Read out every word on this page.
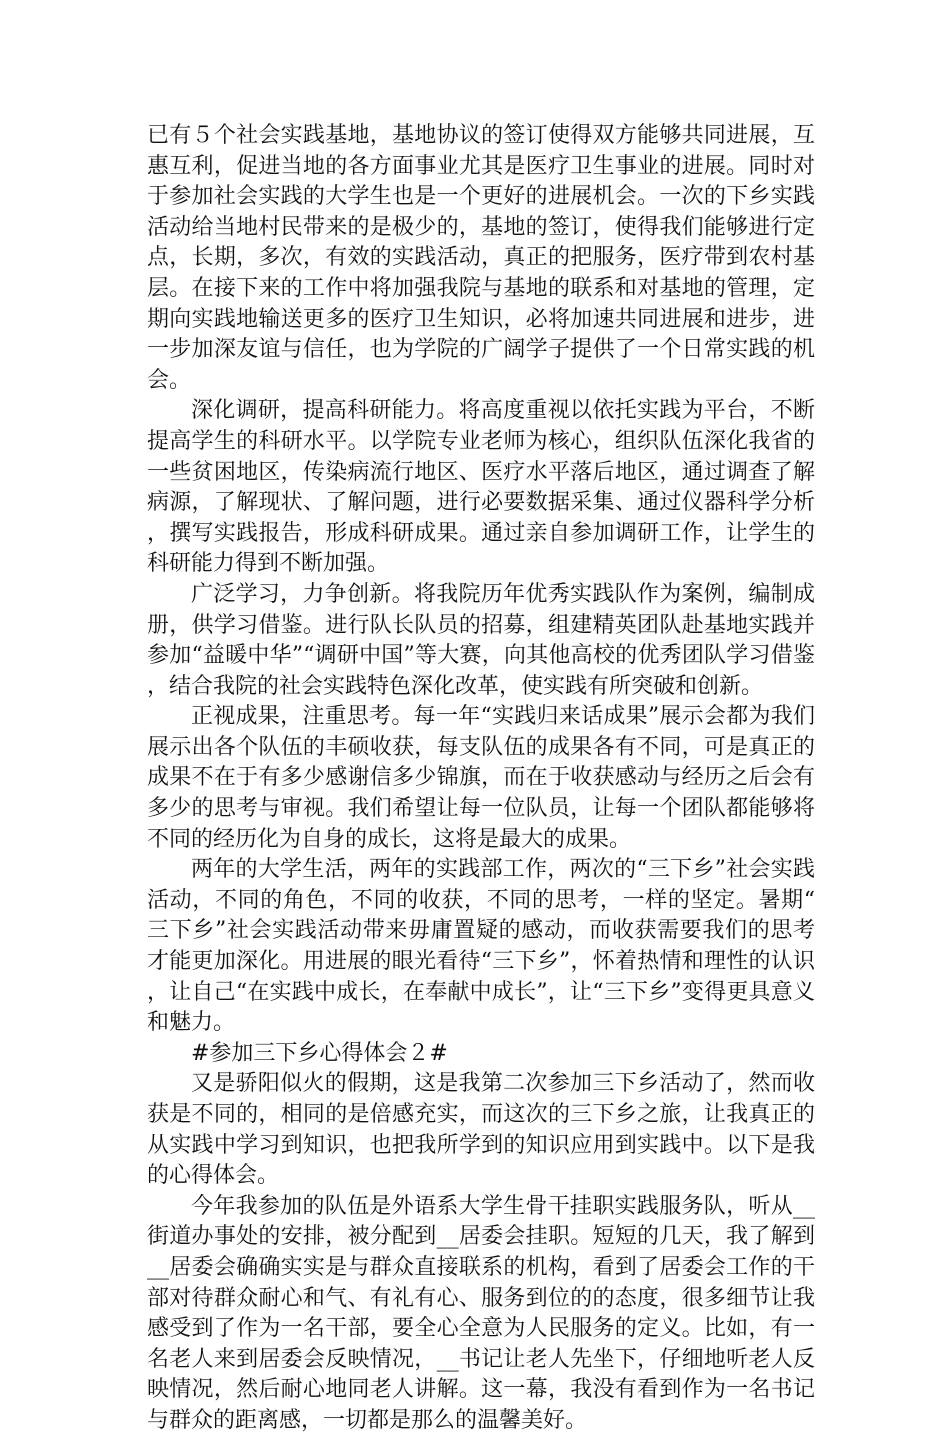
已有５个社会实践基地，基地协议的签订使得双方能够共同进展，互惠互利，促进当地的各方面事业尤其是医疗卫生事业的进展。同时对于参加社会实践的大学生也是一个更好的进展机会。一次的下乡实践活动给当地村民带来的是极少的，基地的签订，使得我们能够进行定点，长期，多次，有效的实践活动，真正的把服务，医疗带到农村基层。在接下来的工作中将加强我院与基地的联系和对基地的管理，定期向实践地输送更多的医疗卫生知识，必将加速共同进展和进步，进一步加深友谊与信任，也为学院的广阔学子提供了一个日常实践的机会。

深化调研，提高科研能力。将高度重视以依托实践为平台，不断提高学生的科研水平。以学院专业老师为核心，组织队伍深化我省的一些贫困地区，传染病流行地区、医疗水平落后地区，通过调查了解病源，了解现状、了解问题，进行必要数据采集、通过仪器科学分析，撰写实践报告，形成科研成果。通过亲自参加调研工作，让学生的科研能力得到不断加强。

广泛学习，力争创新。将我院历年优秀实践队作为案例，编制成册，供学习借鉴。进行队长队员的招募，组建精英团队赴基地实践并参加“益暖中华”“调研中国”等大赛，向其他高校的优秀团队学习借鉴，结合我院的社会实践特色深化改革，使实践有所突破和创新。

正视成果，注重思考。每一年“实践归来话成果”展示会都为我们展示出各个队伍的丰硕收获，每支队伍的成果各有不同，可是真正的成果不在于有多少感谢信多少锦旗，而在于收获感动与经历之后会有多少的思考与审视。我们希望让每一位队员，让每一个团队都能够将不同的经历化为自身的成长，这将是最大的成果。

两年的大学生活，两年的实践部工作，两次的“三下乡”社会实践活动，不同的角色，不同的收获，不同的思考，一样的坚定。暑期“三下乡”社会实践活动带来毋庸置疑的感动，而收获需要我们的思考才能更加深化。用进展的眼光看待“三下乡”，怀着热情和理性的认识，让自己“在实践中成长，在奉献中成长”，让“三下乡”变得更具意义和魅力。

#参加三下乡心得体会２#

又是骄阳似火的假期，这是我第二次参加三下乡活动了，然而收获是不同的，相同的是倍感充实，而这次的三下乡之旅，让我真正的从实践中学习到知识，也把我所学到的知识应用到实践中。以下是我的心得体会。

今年我参加的队伍是外语系大学生骨干挂职实践服务队，听从__街道办事处的安排，被分配到__居委会挂职。短短的几天，我了解到__居委会确确实实是与群众直接联系的机构，看到了居委会工作的干部对待群众耐心和气、有礼有心、服务到位的的态度，很多细节让我感受到了作为一名干部，要全心全意为人民服务的定义。比如，有一名老人来到居委会反映情况，__书记让老人先坐下，仔细地听老人反映情况，然后耐心地同老人讲解。这一幕，我没有看到作为一名书记与群众的距离感，一切都是那么的温馨美好。
